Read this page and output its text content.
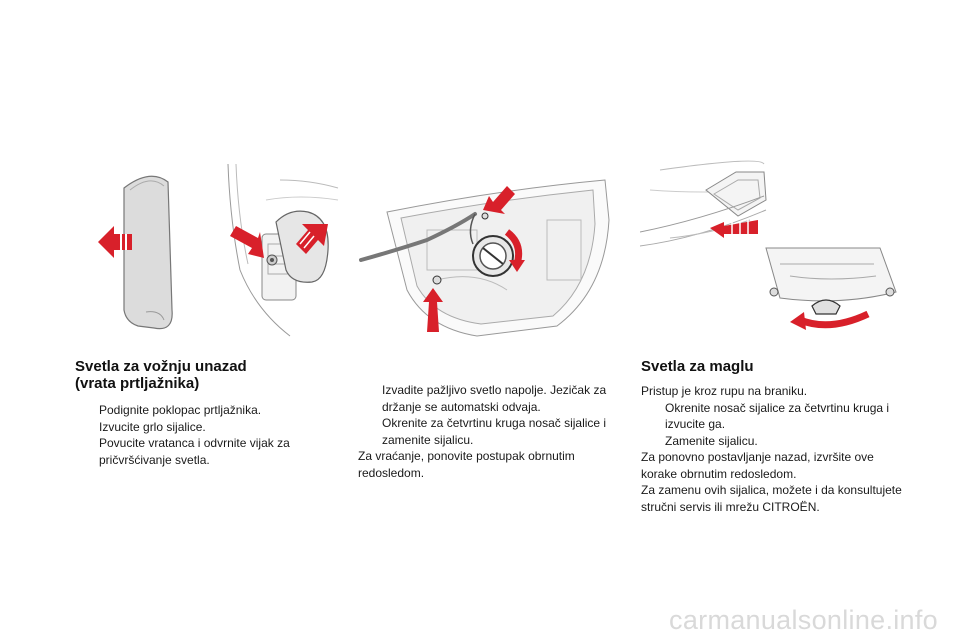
Svetla za vožnju unazad
(vrata prtljažnika)
Podignite poklopac prtljažnika.
Izvucite grlo sijalice.
Povucite vratanca i odvrnite vijak za pričvršćivanje svetla.
Izvadite pažljivo svetlo napolje. Jezičak za držanje se automatski odvaja.
Okrenite za četvrtinu kruga nosač sijalice i zamenite sijalicu.

Za vraćanje, ponovite postupak obrnutim redosledom.

Svetla za maglu

Pristup je kroz rupu na braniku.

Okrenite nosač sijalice za četvrtinu kruga i izvucite ga.
Zamenite sijalicu.

Za ponovno postavljanje nazad, izvršite ove korake obrnutim redosledom.

Za zamenu ovih sijalica, možete i da konsultujete stručni servis ili mrežu CITROËN.

carmanualsonline.info
